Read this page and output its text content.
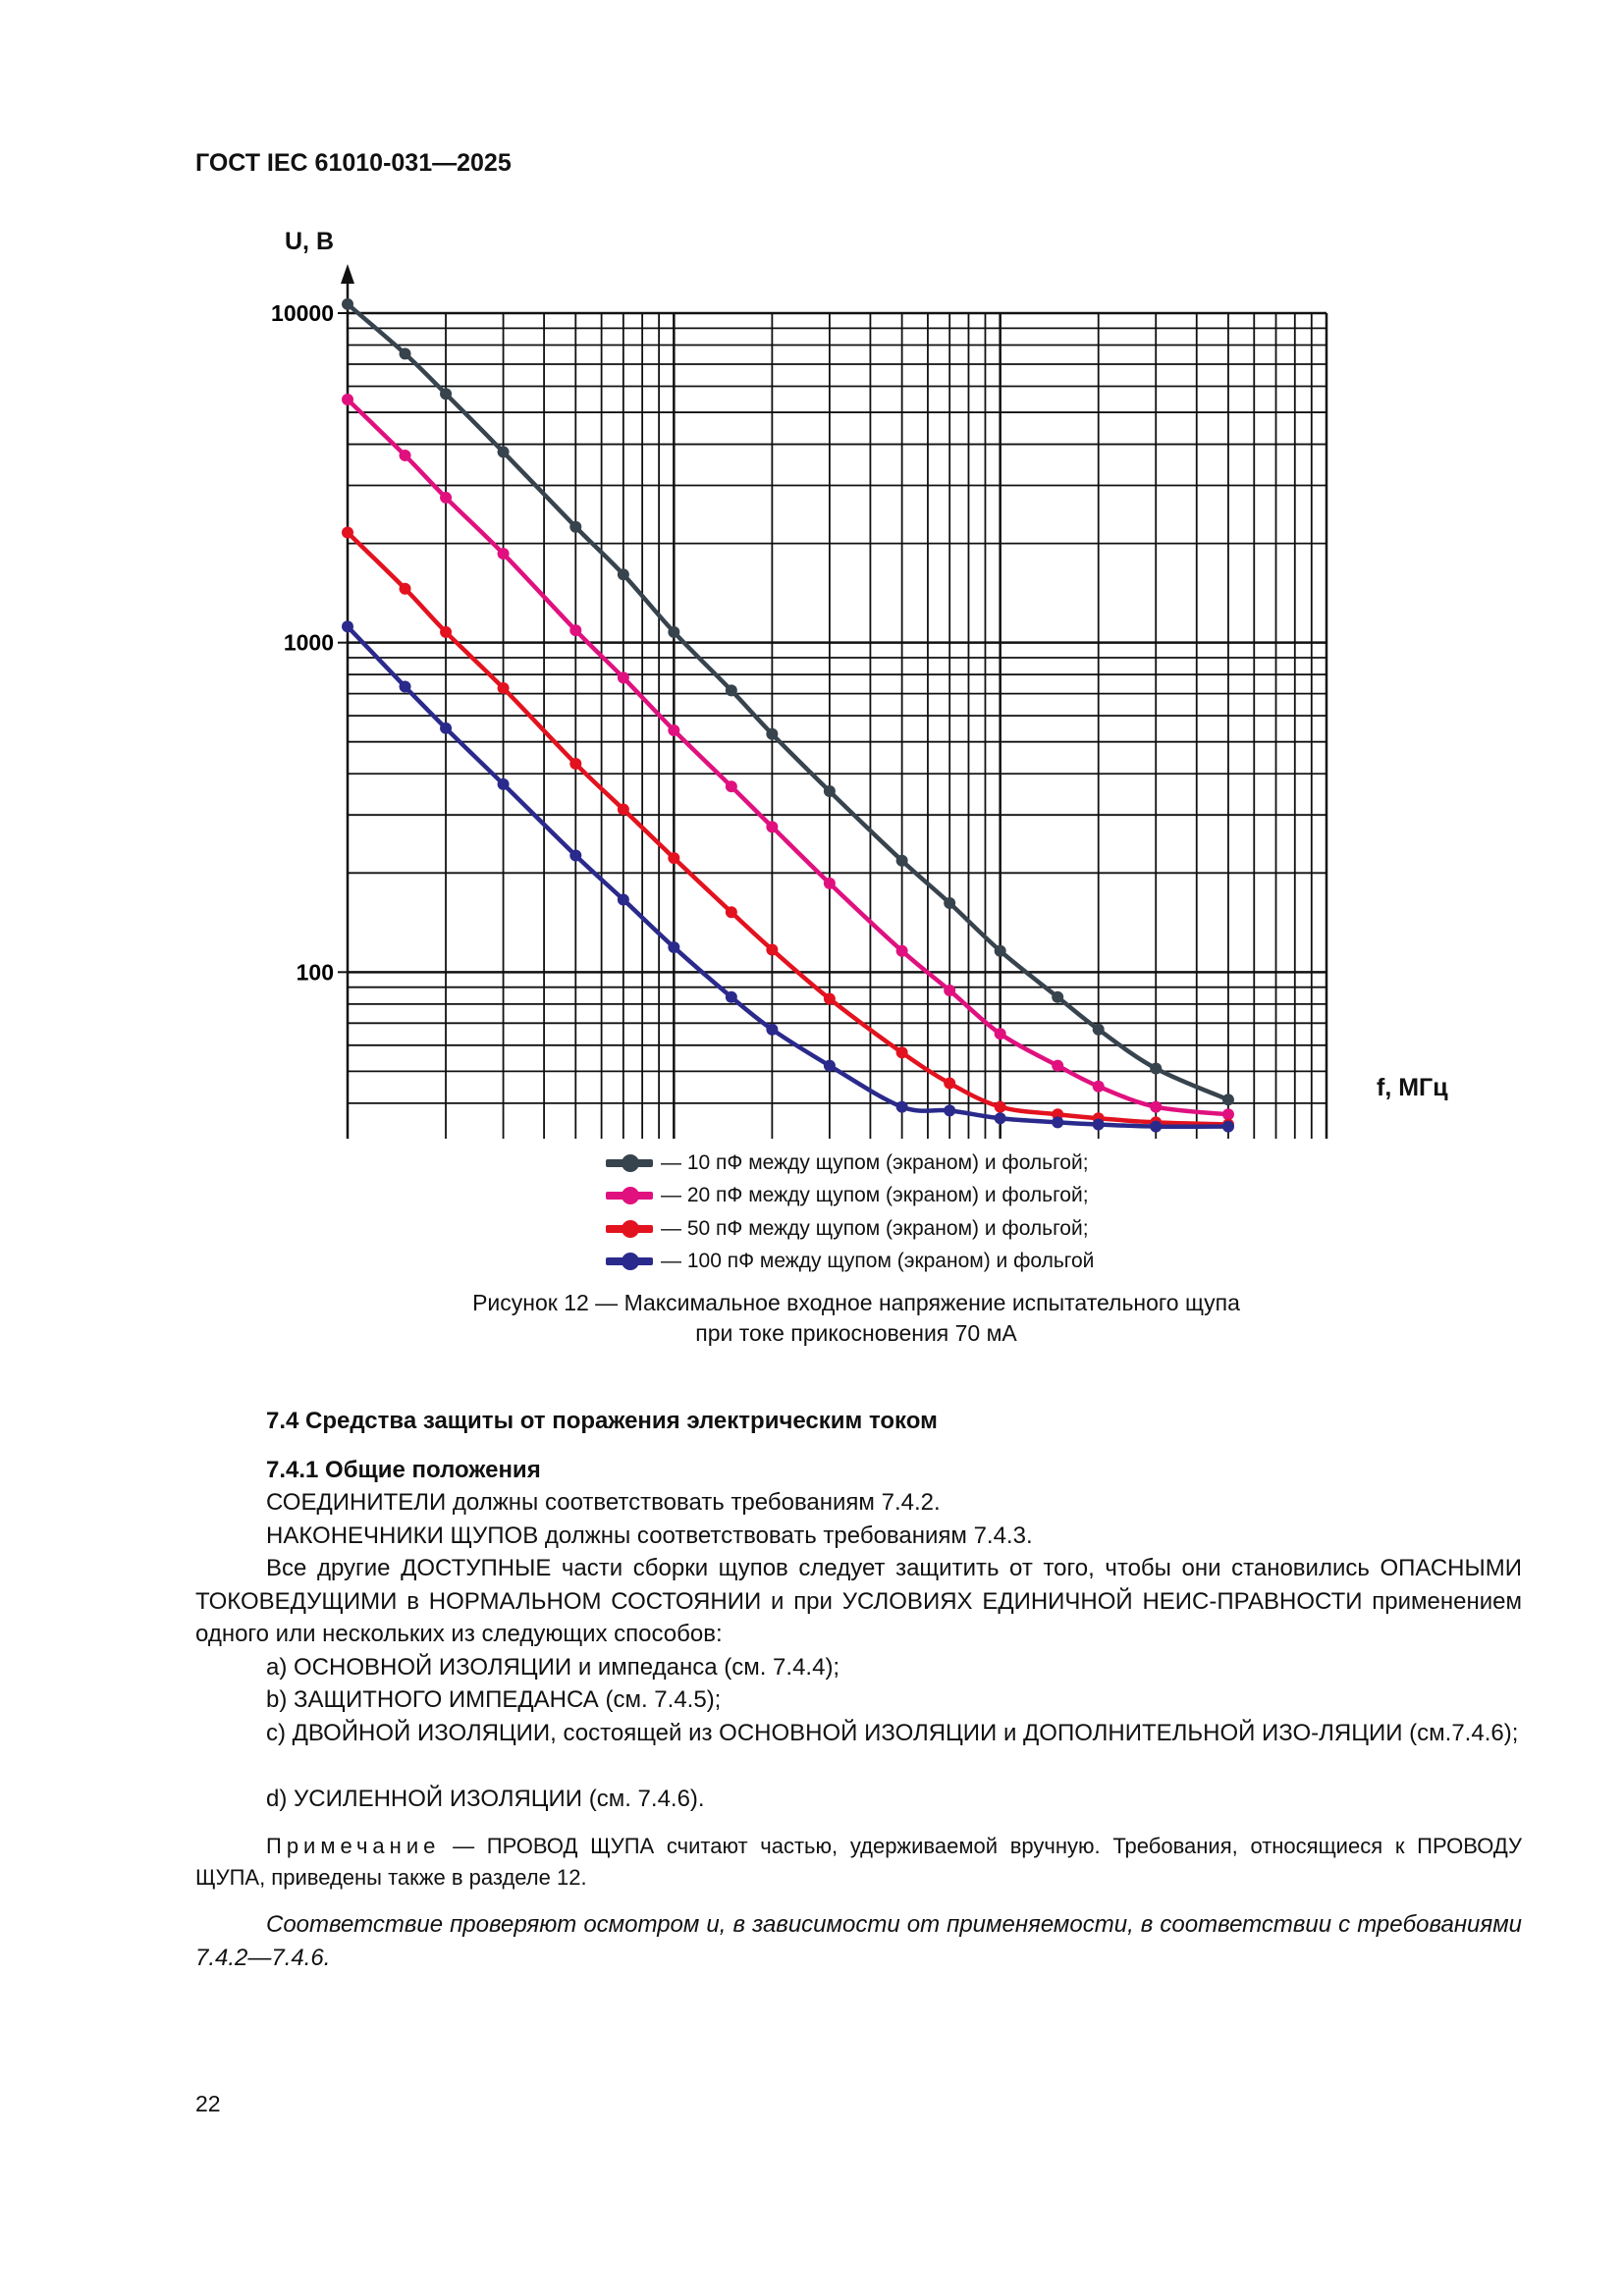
ГОСТ IEC 61010-031—2025
100
1000
10000
U, В
f, МГц
— 10 пФ между щупом (экраном) и фольгой;
— 20 пФ между щупом (экраном) и фольгой;
— 50 пФ между щупом (экраном) и фольгой;
— 100 пФ между щупом (экраном) и фольгой
Рисунок 12 — Максимальное входное напряжение испытательного щупа
при токе прикосновения 70 мА
7.4 Средства защиты от поражения электрическим током
7.4.1 Общие положения
СОЕДИНИТЕЛИ должны соответствовать требованиям 7.4.2.
НАКОНЕЧНИКИ ЩУПОВ должны соответствовать требованиям 7.4.3.
Все другие ДОСТУПНЫЕ части сборки щупов следует защитить от того, чтобы они становились ОПАСНЫМИ ТОКОВЕДУЩИМИ в НОРМАЛЬНОМ СОСТОЯНИИ и при УСЛОВИЯХ ЕДИНИЧНОЙ НЕИС-ПРАВНОСТИ применением одного или нескольких из следующих способов:
a) ОСНОВНОЙ ИЗОЛЯЦИИ и импеданса (см. 7.4.4);
b) ЗАЩИТНОГО ИМПЕДАНСА (см. 7.4.5);
c) ДВОЙНОЙ ИЗОЛЯЦИИ, состоящей из ОСНОВНОЙ ИЗОЛЯЦИИ и ДОПОЛНИТЕЛЬНОЙ ИЗО-ЛЯЦИИ (см.7.4.6);
d) УСИЛЕННОЙ ИЗОЛЯЦИИ (см. 7.4.6).
Примечание — ПРОВОД ЩУПА считают частью, удерживаемой вручную. Требования, относящиеся к ПРОВОДУ ЩУПА, приведены также в разделе 12.
Соответствие проверяют осмотром и, в зависимости от применяемости, в соответствии с требованиями 7.4.2—7.4.6.
22
